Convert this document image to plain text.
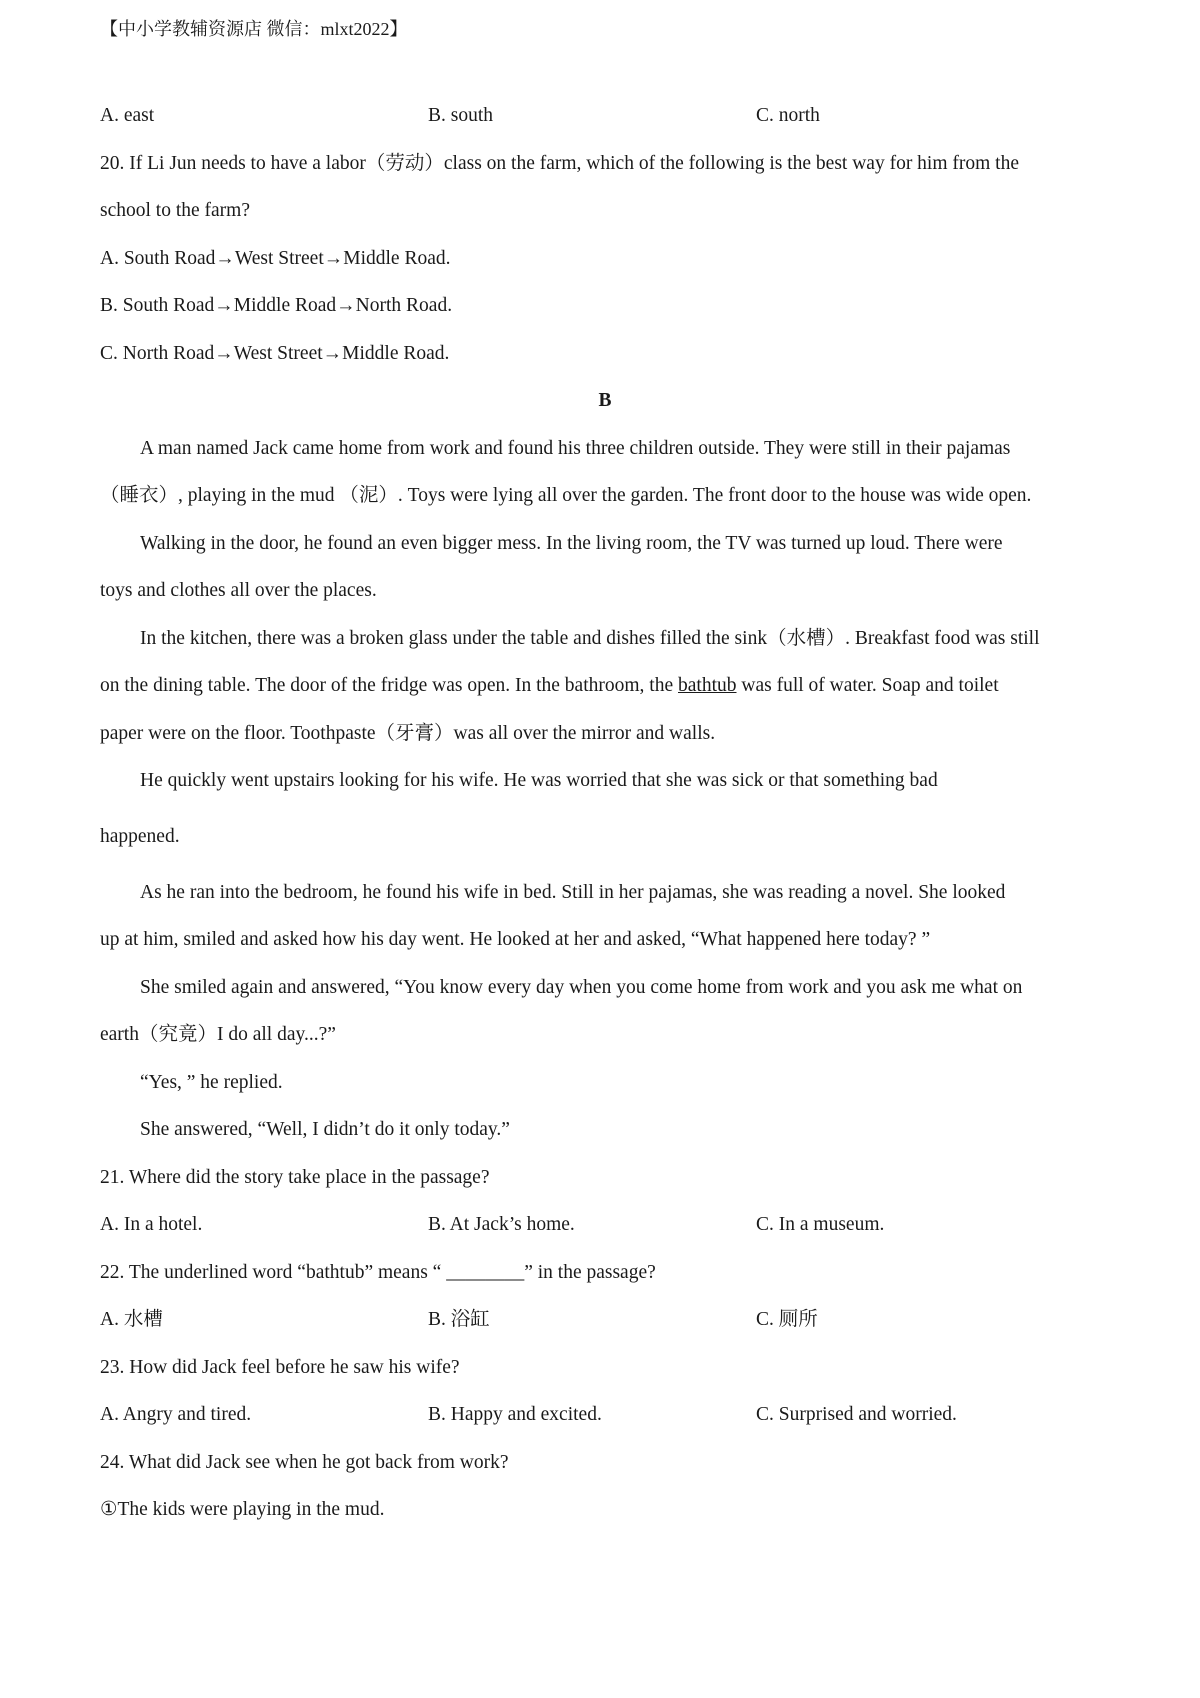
【中小学教辅资源店 微信：mlxt2022】
A. east	B. south	C. north
20. If Li Jun needs to have a labor（劳动）class on the farm, which of the following is the best way for him from the
school to the farm?
A. South Road→West Street→Middle Road.
B. South Road→Middle Road→North Road.
C. North Road→West Street→Middle Road.
B
A man named Jack came home from work and found his three children outside. They were still in their pajamas
（睡衣）, playing in the mud （泥）. Toys were lying all over the garden. The front door to the house was wide open.
Walking in the door, he found an even bigger mess. In the living room, the TV was turned up loud. There were
toys and clothes all over the places.
In the kitchen, there was a broken glass under the table and dishes filled the sink（水槽）. Breakfast food was still
on the dining table. The door of the fridge was open. In the bathroom, the bathtub was full of water. Soap and toilet
paper were on the floor. Toothpaste（牙膏）was all over the mirror and walls.
He quickly went upstairs looking for his wife. He was worried that she was sick or that something bad
happened.
As he ran into the bedroom, he found his wife in bed. Still in her pajamas, she was reading a novel. She looked
up at him, smiled and asked how his day went. He looked at her and asked, “What happened here today? ”
She smiled again and answered, “You know every day when you come home from work and you ask me what on
earth（究竟）I do all day...?”
“Yes, ” he replied.
She answered, “Well, I didn’t do it only today.”
21. Where did the story take place in the passage?
A. In a hotel.	B. At Jack’s home.	C. In a museum.
22. The underlined word “bathtub” means “ ________” in the passage?
A. 水槽	B. 浴缸	C. 厕所
23. How did Jack feel before he saw his wife?
A. Angry and tired.	B. Happy and excited.	C. Surprised and worried.
24. What did Jack see when he got back from work?
①The kids were playing in the mud.
